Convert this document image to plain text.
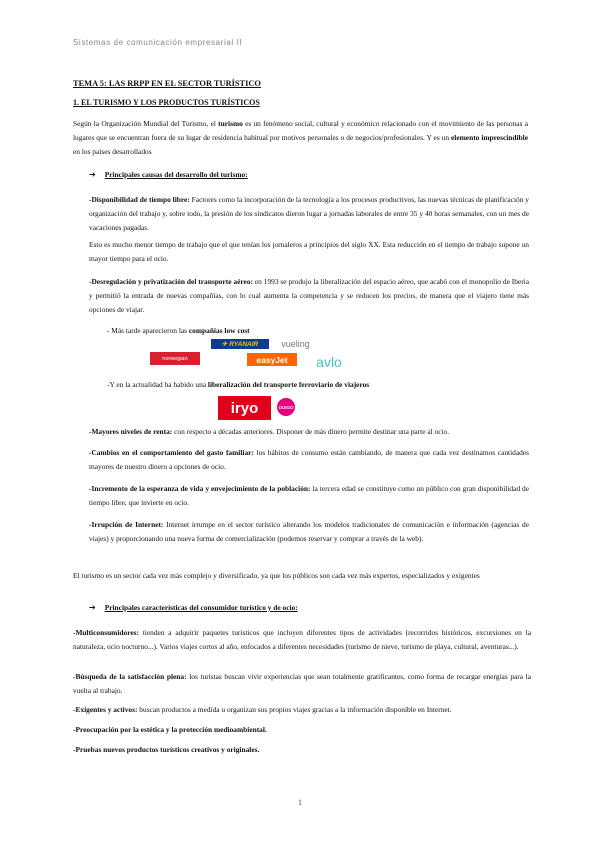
Sistemas de comunicación empresarial II
TEMA 5: LAS RRPP EN EL SECTOR TURÍSTICO
1. EL TURISMO Y LOS PRODUCTOS TURÍSTICOS
Según la Organización Mundial del Turismo, el turismo es un fenómeno social, cultural y económico relacionado con el movimiento de las personas a lugares que se encuentran fuera de su lugar de residencia habitual por motivos personales o de negocios/profesionales. Y es un elemento imprescindible en los países desarrollados
➔ Principales causas del desarrollo del turismo:
-Disponibilidad de tiempo libre: Factores como la incorporación de la tecnología a los procesos productivos, las nuevas técnicas de planificación y organización del trabajo y, sobre todo, la presión de los sindicatos dieron lugar a jornadas laborales de entre 35 y 40 horas semanales, con un mes de vacaciones pagadas.
Esto es mucho menor tiempo de trabajo que el que tenían los jornaleros a principios del siglo XX. Esta reducción en el tiempo de trabajo supone un mayor tiempo para el ocio.
-Desregulación y privatización del transporte aéreo: en 1993 se produjo la liberalización del espacio aéreo, que acabó con el monopolio de Iberia y permitió la entrada de nuevas compañías, con lo cual aumenta la competencia y se reducen los precios, de manera que el viajero tiene más opciones de viajar.
- Más tarde aparecieron las compañías low cost
✈ RYANAIR	vueling
norwegian	easyJet	avlo
-Y en la actualidad ha habido una liberalización del transporte ferroviario de viajeros
iryo	OUIGO
-Mayores niveles de renta: con respecto a décadas anteriores. Disponer de más dinero permite destinar una parte al ocio.
-Cambios en el comportamiento del gasto familiar: los hábitos de consumo están cambiando, de manera que cada vez destinamos cantidades mayores de nuestro dinero a opciones de ocio.
-Incremento de la esperanza de vida y envejecimiento de la población: la tercera edad se constituye como un público con gran disponibilidad de tiempo libre, que invierte en ocio.
-Irrupción de Internet: Internet irrumpe en el sector turístico alterando los modelos tradicionales de comunicación e información (agencias de viajes) y proporcionando una nueva forma de comercialización (podemos reservar y comprar a través de la web).
El turismo es un sector cada vez más complejo y diversificado, ya que los públicos son cada vez más expertos, especializados y exigentes
➔ Principales características del consumidor turístico y de ocio:
-Multiconsumidores: tienden a adquirir paquetes turísticos que incluyen diferentes tipos de actividades (recorridos históricos, excursiones en la naturaleza, ocio nocturno...). Varios viajes cortos al año, enfocados a diferentes necesidades (turismo de nieve, turismo de playa, cultural, aventuras...).
-Búsqueda de la satisfacción plena: los turistas buscan vivir experiencias que sean totalmente gratificantes, como forma de recargar energías para la vuelta al trabajo.
-Exigentes y activos: buscan productos a medida u organizan sus propios viajes gracias a la información disponible en Internet.
-Preocupación por la estética y la protección medioambiental.
-Pruebas nuevos productos turísticos creativos y originales.
1
